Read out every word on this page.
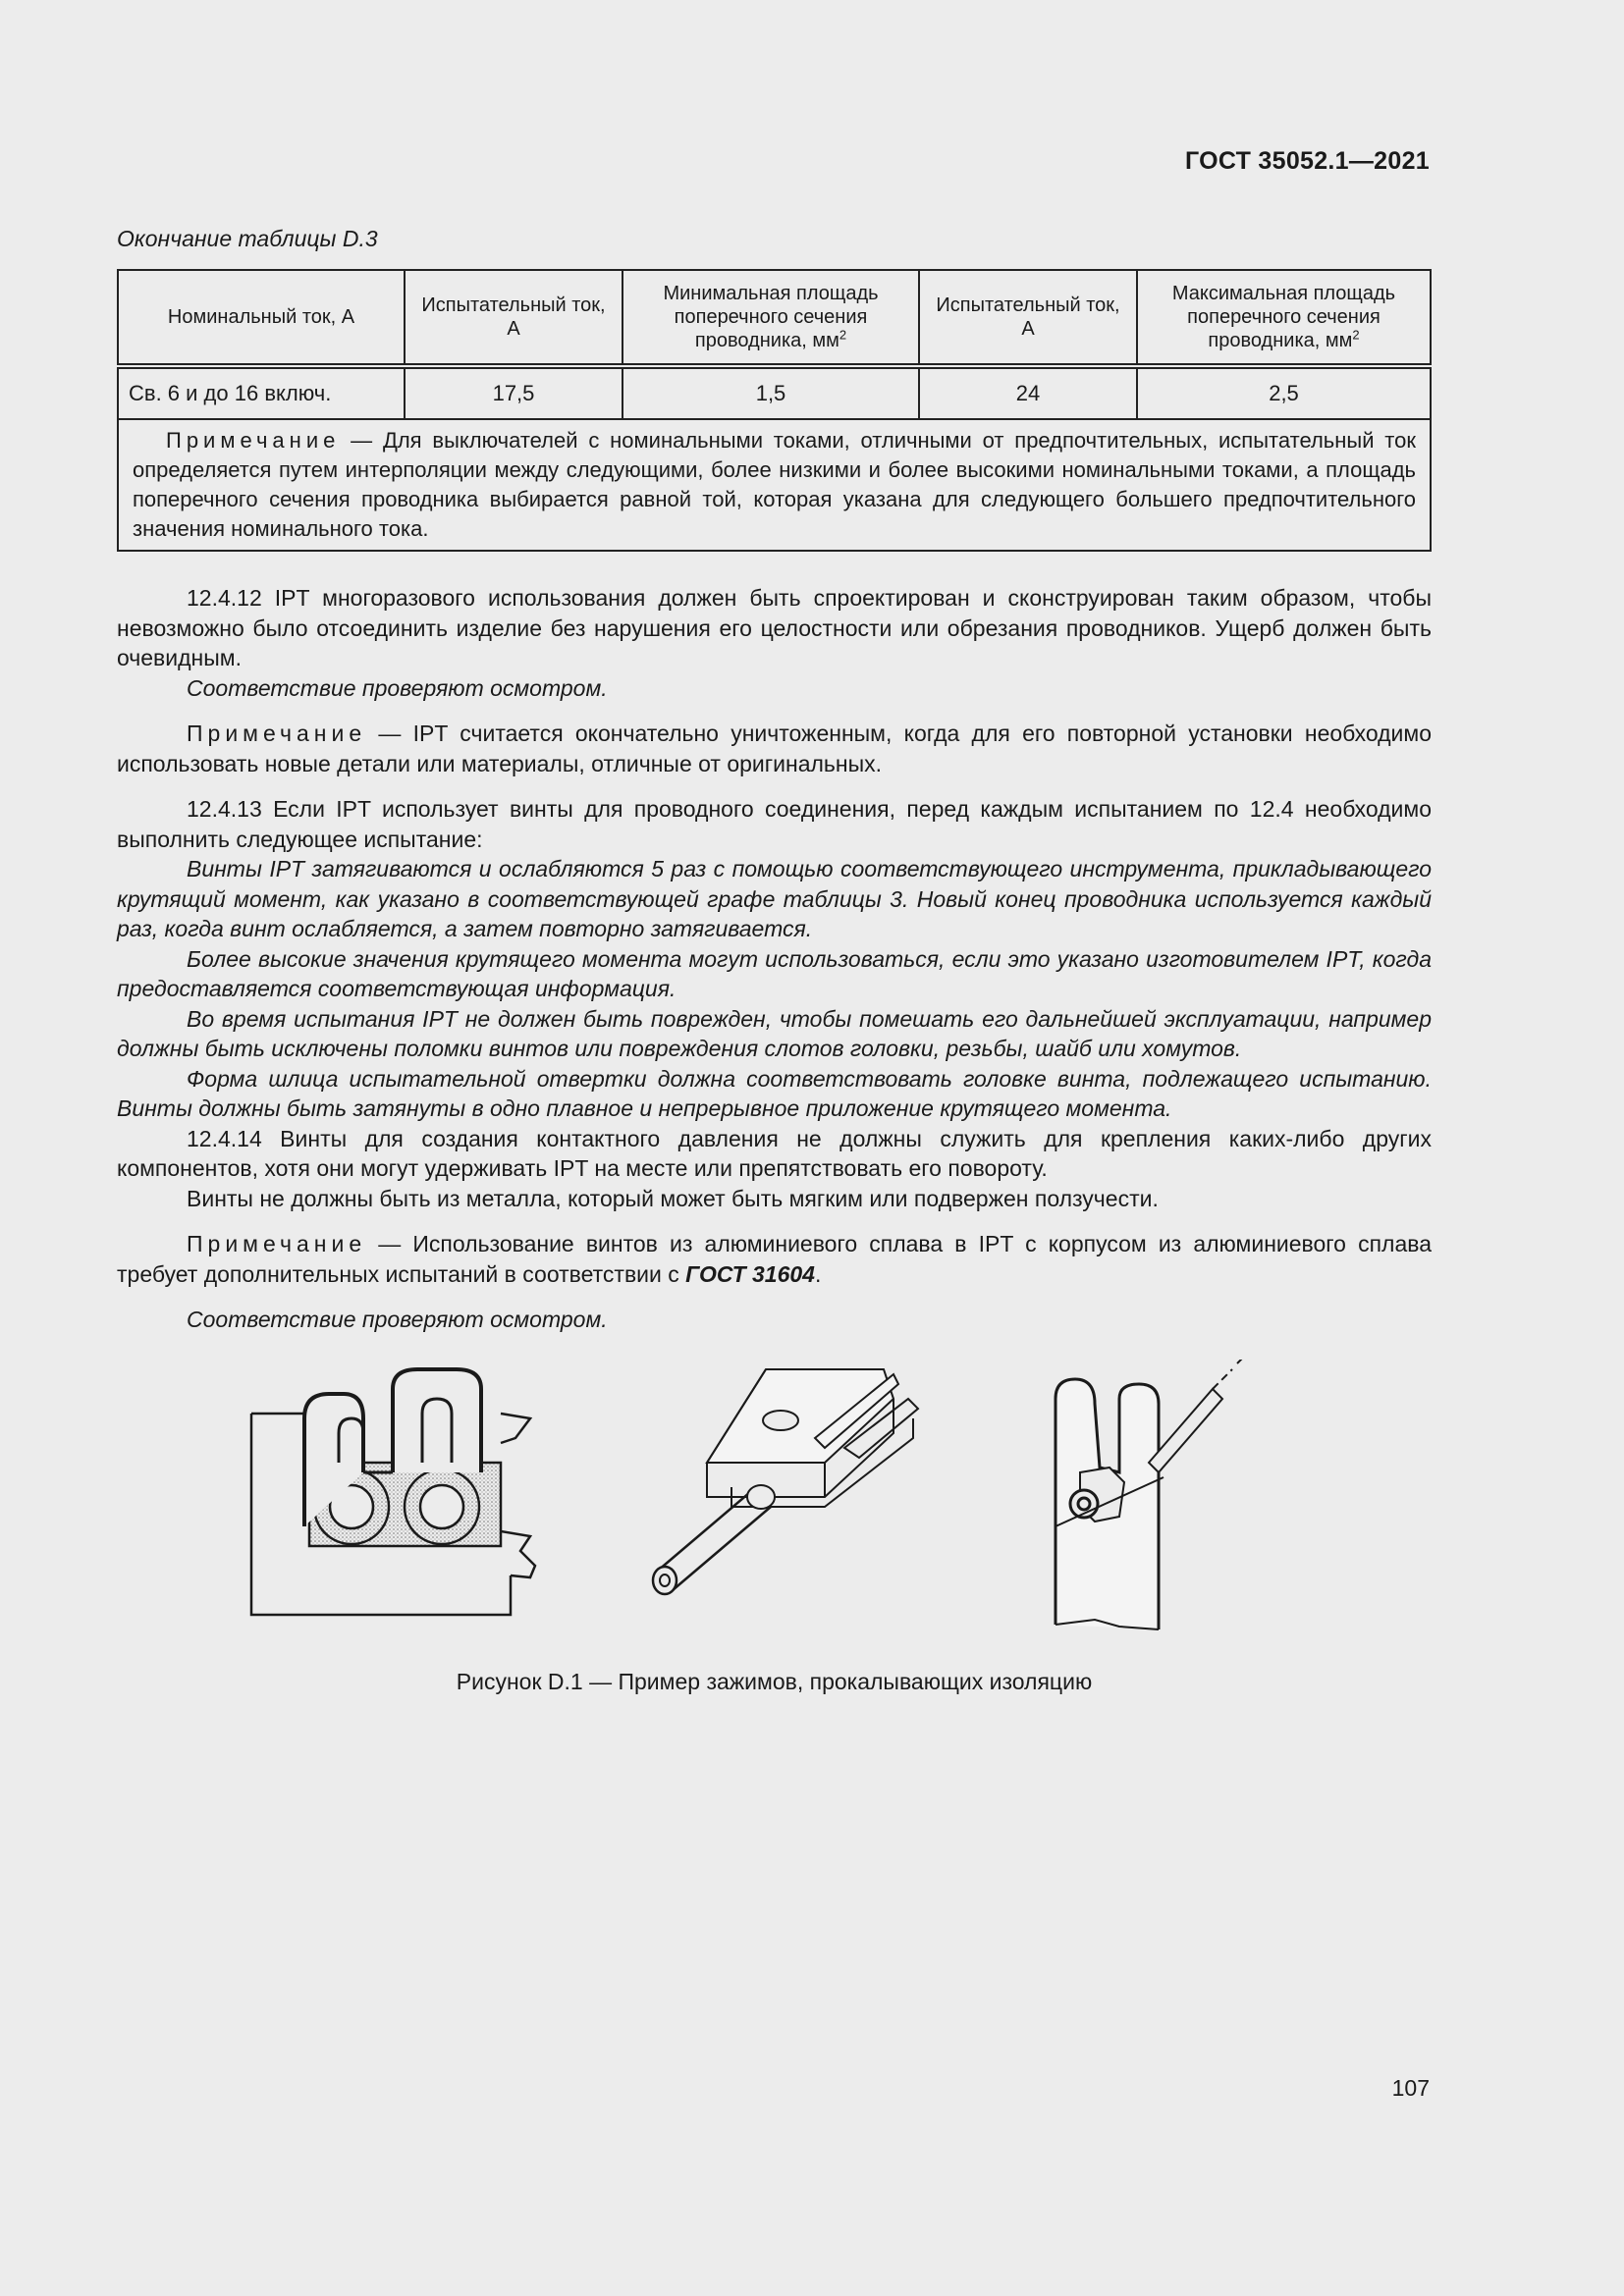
ГОСТ 35052.1—2021
Окончание таблицы D.3
Номинальный ток, А	Испытательный ток, А	Минимальная площадь поперечного сечения проводника, $мм^2$	Испытательный ток, А	Максимальная площадь поперечного сечения проводника, $мм^2$
Св. 6 и до 16 включ.	17,5	1,5	24	2,5
Примечание — Для выключателей с номинальными токами, отличными от предпочтительных, испытательный ток определяется путем интерполяции между следующими, более низкими и более высокими номинальными токами, а площадь поперечного сечения проводника выбирается равной той, которая указана для следующего большего предпочтительного значения номинального тока.				

12.4.12 IPT многоразового использования должен быть спроектирован и сконструирован таким образом, чтобы невозможно было отсоединить изделие без нарушения его целостности или обрезания проводников. Ущерб должен быть очевидным.

Соответствие проверяют осмотром.

Примечание — IPT считается окончательно уничтоженным, когда для его повторной установки необходимо использовать новые детали или материалы, отличные от оригинальных.

12.4.13 Если IPT использует винты для проводного соединения, перед каждым испытанием по 12.4 необходимо выполнить следующее испытание:

Винты IPT затягиваются и ослабляются 5 раз с помощью соответствующего инструмента, прикладывающего крутящий момент, как указано в соответствующей графе таблицы 3. Новый конец проводника используется каждый раз, когда винт ослабляется, а затем повторно затягивается.

Более высокие значения крутящего момента могут использоваться, если это указано изготовителем IPT, когда предоставляется соответствующая информация.

Во время испытания IPT не должен быть поврежден, чтобы помешать его дальнейшей эксплуатации, например должны быть исключены поломки винтов или повреждения слотов головки, резьбы, шайб или хомутов.

Форма шлица испытательной отвертки должна соответствовать головке винта, подлежащего испытанию. Винты должны быть затянуты в одно плавное и непрерывное приложение крутящего момента.

12.4.14 Винты для создания контактного давления не должны служить для крепления каких-либо других компонентов, хотя они могут удерживать IPT на месте или препятствовать его повороту.

Винты не должны быть из металла, который может быть мягким или подвержен ползучести.

Примечание — Использование винтов из алюминиевого сплава в IPT с корпусом из алюминиевого сплава требует дополнительных испытаний в соответствии с ГОСТ 31604.

Соответствие проверяют осмотром.

Рисунок D.1 — Пример зажимов, прокалывающих изоляцию
107
